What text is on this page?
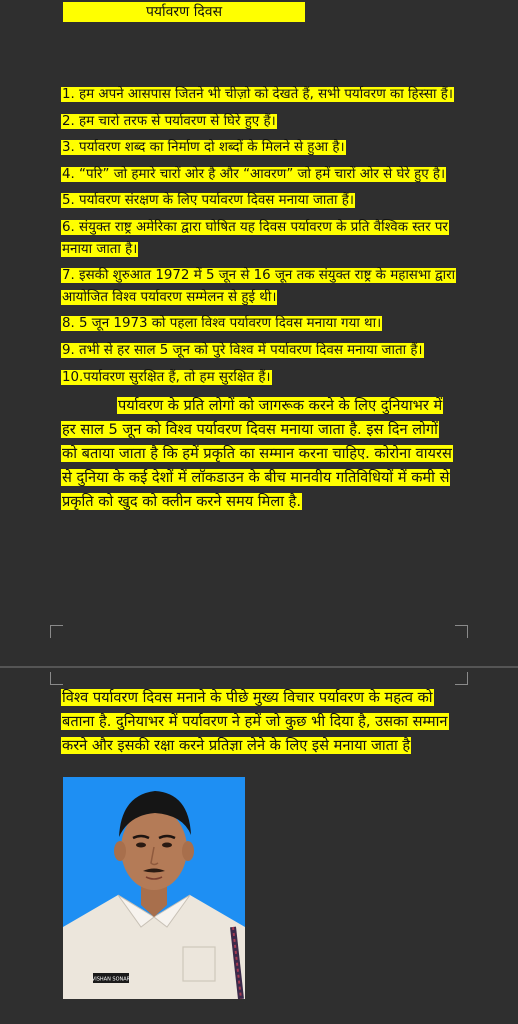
पर्यावरण दिवस

1. हम अपने आसपास जितने भी चीज़ो को देखते हैं, सभी पर्यावरण का हिस्सा हैं।

2. हम चारो तरफ से पर्यावरण से घिरे हुए हैं।

3. पर्यावरण शब्द का निर्माण दो शब्दों के मिलने से हुआ है।

4. “परि” जो हमारे चारों ओर है और “आवरण” जो हमें चारों ओर से घेरे हुए है।

5. पर्यावरण संरक्षण के लिए पर्यावरण दिवस मनाया जाता हैं।

6. संयुक्त राष्ट्र अमेरिका द्वारा घोषित यह दिवस पर्यावरण के प्रति वैश्विक स्तर पर मनाया जाता है।

7. इसकी शुरुआत 1972 में 5 जून से 16 जून तक संयुक्त राष्ट्र के महासभा द्वारा आयोजित विश्व पर्यावरण सम्मेलन से हुई थी।

8. 5 जून 1973 को पहला विश्व पर्यावरण दिवस मनाया गया था।

9. तभी से हर साल 5 जून को पुरे विश्व में पर्यावरण दिवस मनाया जाता हैं।

10.पर्यावरण सुरक्षित हैं, तो हम सुरक्षित हैं।

पर्यावरण के प्रति लोगों को जागरूक करने के लिए दुनियाभर में हर साल 5 जून को विश्व पर्यावरण दिवस मनाया जाता है. इस दिन लोगों को बताया जाता है कि हमें प्रकृति का सम्मान करना चाहिए. कोरोना वायरस से दुनिया के कई देशों में लॉकडाउन के बीच मानवीय गतिविधियों में कमी से प्रकृति को खुद को क्लीन करने समय मिला है.

विश्व पर्यावरण दिवस मनाने के पीछे मुख्य विचार पर्यावरण के महत्व को बताना है. दुनियाभर में पर्यावरण ने हमें जो कुछ भी दिया है, उसका सम्मान करने और इसकी रक्षा करने प्रतिज्ञा लेने के लिए इसे मनाया जाता है

VISHAN SONAR
